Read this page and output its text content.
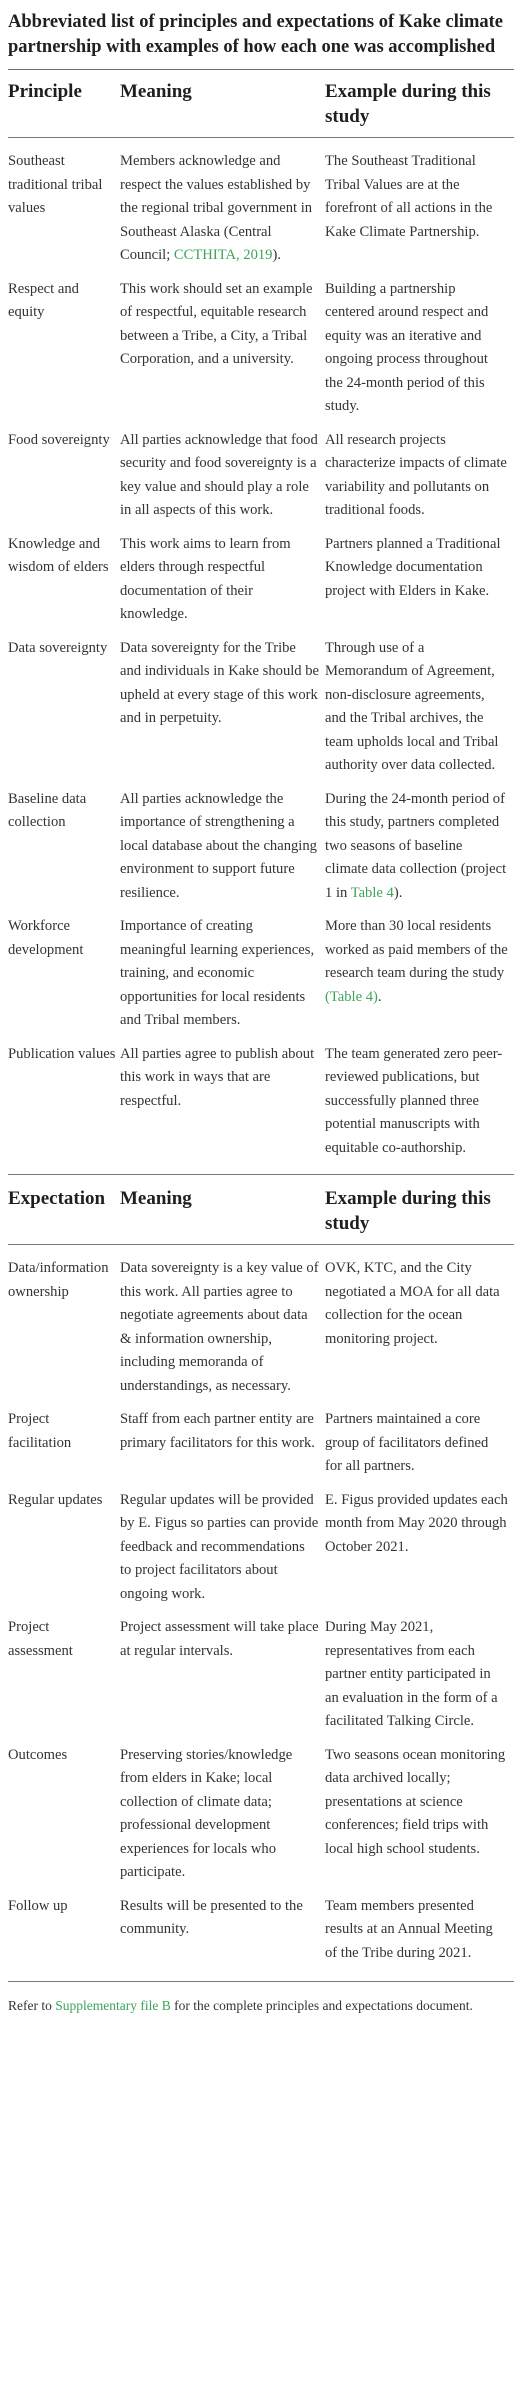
Abbreviated list of principles and expectations of Kake climate partnership with examples of how each one was accomplished
Principle	Meaning	Example during this study
Southeast traditional tribal values	Members acknowledge and respect the values established by the regional tribal government in Southeast Alaska (Central Council; CCTHITA, 2019).	The Southeast Traditional Tribal Values are at the forefront of all actions in the Kake Climate Partnership.
Respect and equity	This work should set an example of respectful, equitable research between a Tribe, a City, a Tribal Corporation, and a university.	Building a partnership centered around respect and equity was an iterative and ongoing process throughout the 24-month period of this study.
Food sovereignty	All parties acknowledge that food security and food sovereignty is a key value and should play a role in all aspects of this work.	All research projects characterize impacts of climate variability and pollutants on traditional foods.
Knowledge and wisdom of elders	This work aims to learn from elders through respectful documentation of their knowledge.	Partners planned a Traditional Knowledge documentation project with Elders in Kake.
Data sovereignty	Data sovereignty for the Tribe and individuals in Kake should be upheld at every stage of this work and in perpetuity.	Through use of a Memorandum of Agreement, non-disclosure agreements, and the Tribal archives, the team upholds local and Tribal authority over data collected.
Baseline data collection	All parties acknowledge the importance of strengthening a local database about the changing environment to support future resilience.	During the 24-month period of this study, partners completed two seasons of baseline climate data collection (project 1 in Table 4).
Workforce development	Importance of creating meaningful learning experiences, training, and economic opportunities for local residents and Tribal members.	More than 30 local residents worked as paid members of the research team during the study (Table 4).
Publication values	All parties agree to publish about this work in ways that are respectful.	The team generated zero peer-reviewed publications, but successfully planned three potential manuscripts with equitable co-authorship.
Expectation	Meaning	Example during this study
Data/information ownership	Data sovereignty is a key value of this work. All parties agree to negotiate agreements about data & information ownership, including memoranda of understandings, as necessary.	OVK, KTC, and the City negotiated a MOA for all data collection for the ocean monitoring project.
Project facilitation	Staff from each partner entity are primary facilitators for this work.	Partners maintained a core group of facilitators defined for all partners.
Regular updates	Regular updates will be provided by E. Figus so parties can provide feedback and recommendations to project facilitators about ongoing work.	E. Figus provided updates each month from May 2020 through October 2021.
Project assessment	Project assessment will take place at regular intervals.	During May 2021, representatives from each partner entity participated in an evaluation in the form of a facilitated Talking Circle.
Outcomes	Preserving stories/knowledge from elders in Kake; local collection of climate data; professional development experiences for locals who participate.	Two seasons ocean monitoring data archived locally; presentations at science conferences; field trips with local high school students.
Follow up	Results will be presented to the community.	Team members presented results at an Annual Meeting of the Tribe during 2021.

Refer to Supplementary file B for the complete principles and expectations document.
